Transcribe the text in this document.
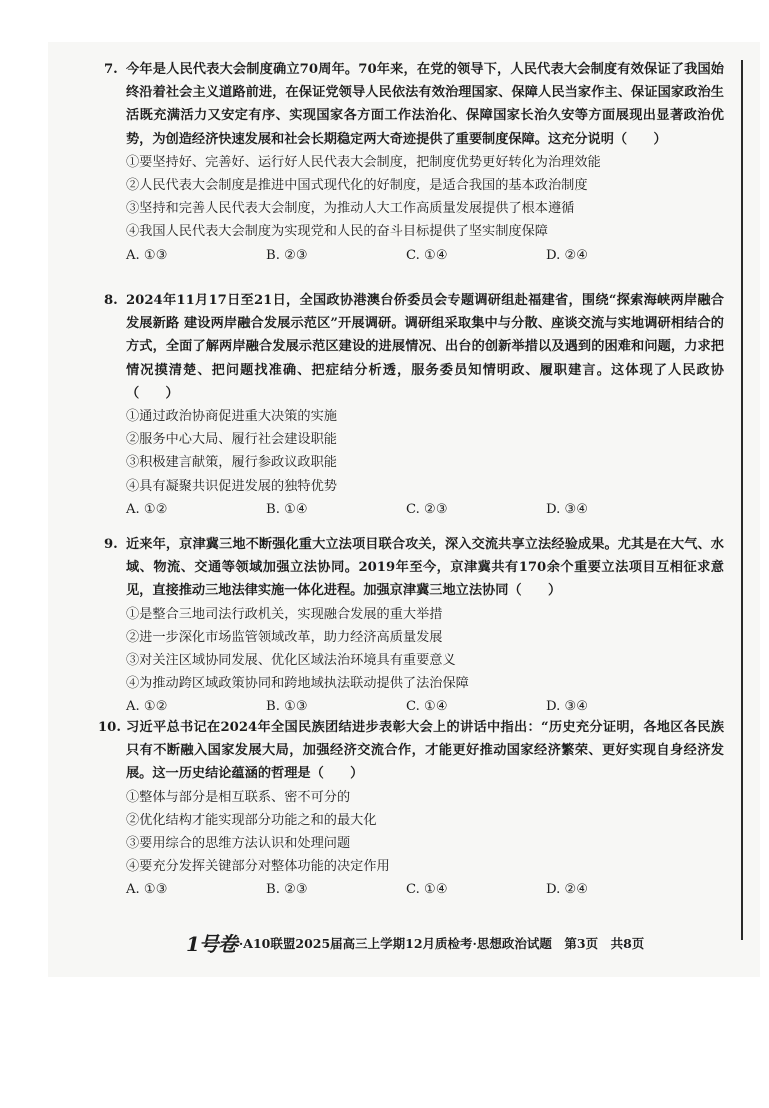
7. 今年是人民代表大会制度确立70周年。70年来，在党的领导下，人民代表大会制度有效保证了我国始终沿着社会主义道路前进，在保证党领导人民依法有效治理国家、保障人民当家作主、保证国家政治生活既充满活力又安定有序、实现国家各方面工作法治化、保障国家长治久安等方面展现出显著政治优势，为创造经济快速发展和社会长期稳定两大奇迹提供了重要制度保障。这充分说明（　　）

①要坚持好、完善好、运行好人民代表大会制度，把制度优势更好转化为治理效能
②人民代表大会制度是推进中国式现代化的好制度，是适合我国的基本政治制度
③坚持和完善人民代表大会制度，为推动人大工作高质量发展提供了根本遵循
④我国人民代表大会制度为实现党和人民的奋斗目标提供了坚实制度保障
A. ①③	B. ②③	C. ①④	D. ②④

8. 2024年11月17日至21日，全国政协港澳台侨委员会专题调研组赴福建省，围绕“探索海峡两岸融合发展新路 建设两岸融合发展示范区”开展调研。调研组采取集中与分散、座谈交流与实地调研相结合的方式，全面了解两岸融合发展示范区建设的进展情况、出台的创新举措以及遇到的困难和问题，力求把情况摸清楚、把问题找准确、把症结分析透，服务委员知情明政、履职建言。这体现了人民政协（　　）

①通过政治协商促进重大决策的实施
②服务中心大局、履行社会建设职能
③积极建言献策，履行参政议政职能
④具有凝聚共识促进发展的独特优势
A. ①②	B. ①④	C. ②③	D. ③④

9. 近来年，京津冀三地不断强化重大立法项目联合攻关，深入交流共享立法经验成果。尤其是在大气、水域、物流、交通等领域加强立法协同。2019年至今，京津冀共有170余个重要立法项目互相征求意见，直接推动三地法律实施一体化进程。加强京津冀三地立法协同（　　）

①是整合三地司法行政机关，实现融合发展的重大举措
②进一步深化市场监管领域改革，助力经济高质量发展
③对关注区域协同发展、优化区域法治环境具有重要意义
④为推动跨区域政策协同和跨地域执法联动提供了法治保障
A. ①②	B. ①③	C. ①④	D. ③④

10. 习近平总书记在2024年全国民族团结进步表彰大会上的讲话中指出：“历史充分证明，各地区各民族只有不断融入国家发展大局，加强经济交流合作，才能更好推动国家经济繁荣、更好实现自身经济发展。这一历史结论蕴涵的哲理是（　　）

①整体与部分是相互联系、密不可分的
②优化结构才能实现部分功能之和的最大化
③要用综合的思维方法认识和处理问题
④要充分发挥关键部分对整体功能的决定作用
A. ①③	B. ②③	C. ①④	D. ②④
1号卷 ·A10联盟2025届高三上学期12月质检考·思想政治试题　第3页　共8页
